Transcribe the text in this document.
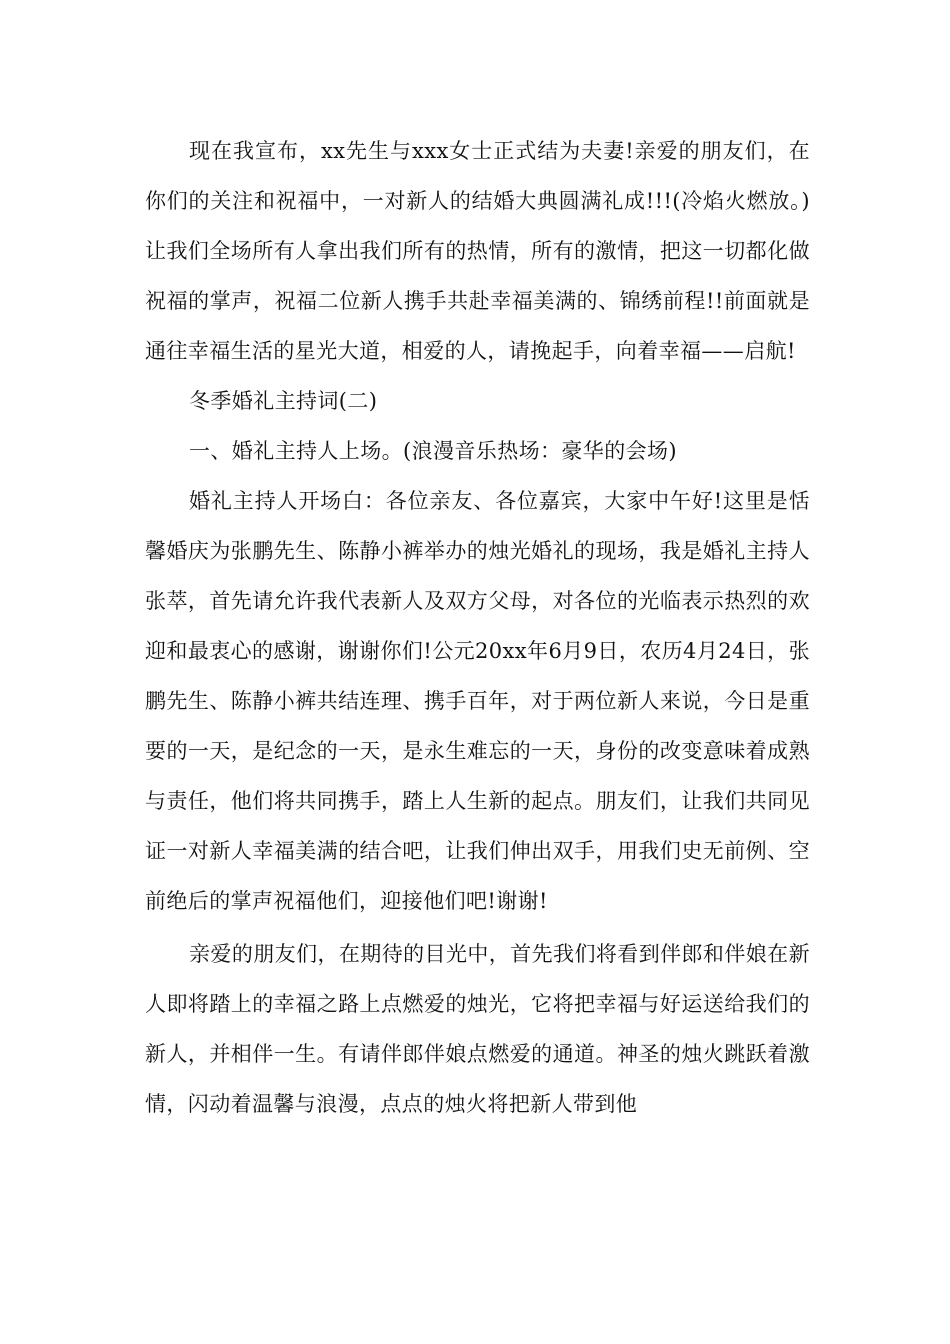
现在我宣布，xx先生与xxx女士正式结为夫妻!亲爱的朋友们，在你们的关注和祝福中，一对新人的结婚大典圆满礼成!!!(冷焰火燃放。)让我们全场所有人拿出我们所有的热情，所有的激情，把这一切都化做祝福的掌声，祝福二位新人携手共赴幸福美满的、锦绣前程!!前面就是通往幸福生活的星光大道，相爱的人，请挽起手，向着幸福——启航!

冬季婚礼主持词(二)

一、婚礼主持人上场。(浪漫音乐热场：豪华的会场)

婚礼主持人开场白：各位亲友、各位嘉宾，大家中午好!这里是恬馨婚庆为张鹏先生、陈静小裤举办的烛光婚礼的现场，我是婚礼主持人张萃，首先请允许我代表新人及双方父母，对各位的光临表示热烈的欢迎和最衷心的感谢，谢谢你们!公元20xx年6月9日，农历4月24日，张鹏先生、陈静小裤共结连理、携手百年，对于两位新人来说，今日是重要的一天，是纪念的一天，是永生难忘的一天，身份的改变意味着成熟与责任，他们将共同携手，踏上人生新的起点。朋友们，让我们共同见证一对新人幸福美满的结合吧，让我们伸出双手，用我们史无前例、空前绝后的掌声祝福他们，迎接他们吧!谢谢!

亲爱的朋友们，在期待的目光中，首先我们将看到伴郎和伴娘在新人即将踏上的幸福之路上点燃爱的烛光，它将把幸福与好运送给我们的新人，并相伴一生。有请伴郎伴娘点燃爱的通道。神圣的烛火跳跃着激情，闪动着温馨与浪漫，点点的烛火将把新人带到他
